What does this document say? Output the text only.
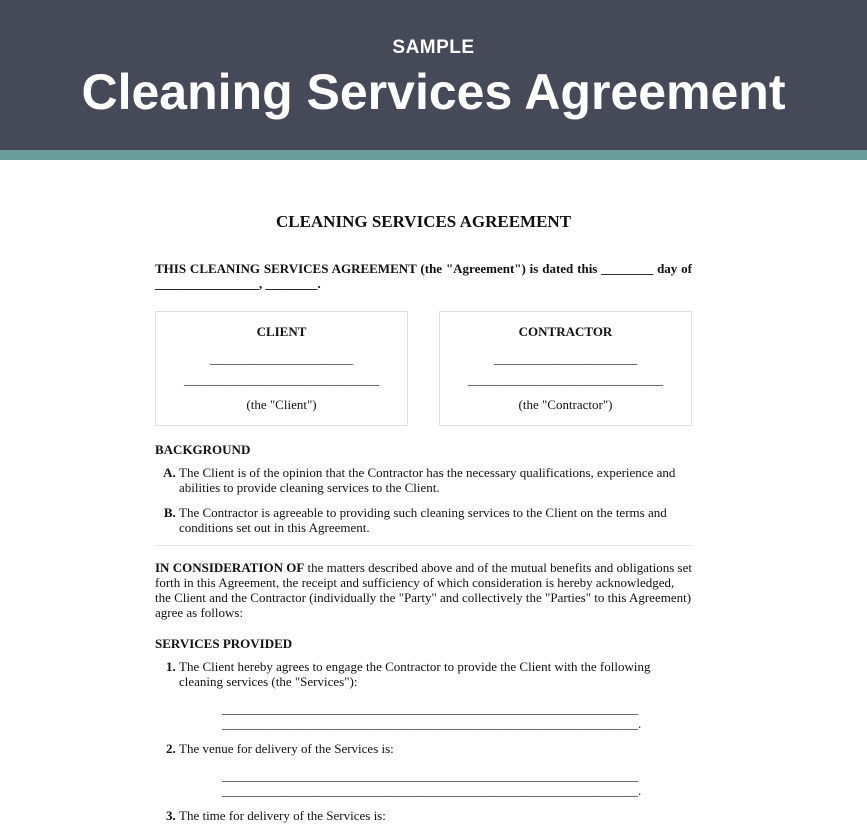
SAMPLE
Cleaning Services Agreement
CLEANING SERVICES AGREEMENT

THIS CLEANING SERVICES AGREEMENT (the "Agreement") is dated this ________ day of ________________, ________.

CLIENT
______________________
______________________________
(the "Client")
CONTRACTOR
______________________
______________________________
(the "Contractor")
BACKGROUND
A. The Client is of the opinion that the Contractor has the necessary qualifications, experience and abilities to provide cleaning services to the Client.
B. The Contractor is agreeable to providing such cleaning services to the Client on the terms and conditions set out in this Agreement.

IN CONSIDERATION OF the matters described above and of the mutual benefits and obligations set forth in this Agreement, the receipt and sufficiency of which consideration is hereby acknowledged, the Client and the Contractor (individually the "Party" and collectively the "Parties" to this Agreement) agree as follows:

SERVICES PROVIDED
1. The Client hereby agrees to engage the Contractor to provide the Client with the following cleaning services (the "Services"):
________________________________________________________________
________________________________________________________________.
2. The venue for delivery of the Services is:
________________________________________________________________
________________________________________________________________.
3. The time for delivery of the Services is:
